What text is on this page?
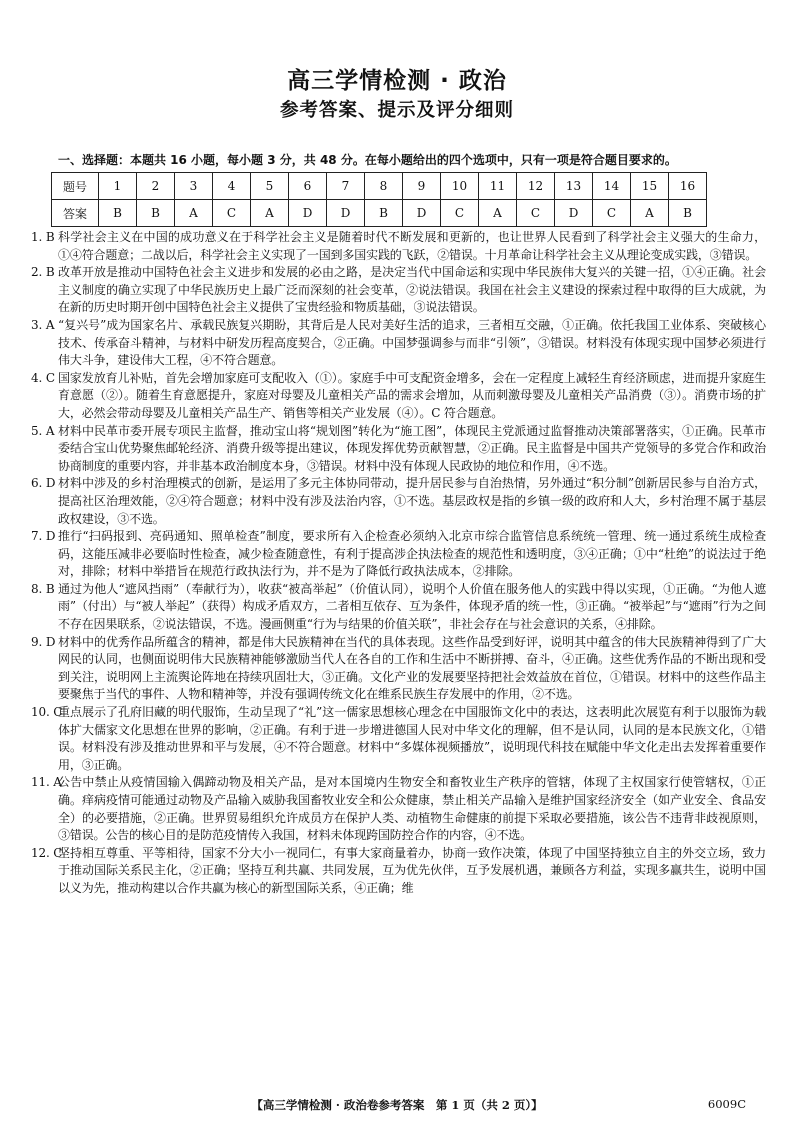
高三学情检测 · 政治
参考答案、提示及评分细则
一、选择题：本题共 16 小题，每小题 3 分，共 48 分。在每小题给出的四个选项中，只有一项是符合题目要求的。
题号	1	2	3	4	5	6	7	8	9	10	11	12	13	14	15	16
答案	B	B	A	C	A	D	D	B	D	C	A	C	D	C	A	B
1. B 科学社会主义在中国的成功意义在于科学社会主义是随着时代不断发展和更新的，也让世界人民看到了科学社会主义强大的生命力，①④符合题意；二战以后，科学社会主义实现了一国到多国实践的飞跃，②错误。十月革命让科学社会主义从理论变成实践，③错误。
2. B 改革开放是推动中国特色社会主义进步和发展的必由之路，是决定当代中国命运和实现中华民族伟大复兴的关键一招，①④正确。社会主义制度的确立实现了中华民族历史上最广泛而深刻的社会变革，②说法错误。我国在社会主义建设的探索过程中取得的巨大成就，为在新的历史时期开创中国特色社会主义提供了宝贵经验和物质基础，③说法错误。
3. A “复兴号”成为国家名片、承载民族复兴期盼，其背后是人民对美好生活的追求，三者相互交融，①正确。依托我国工业体系、突破核心技术、传承奋斗精神，与材料中研发历程高度契合，②正确。中国梦强调参与而非“引领”，③错误。材料没有体现实现中国梦必须进行伟大斗争，建设伟大工程，④不符合题意。
4. C 国家发放育儿补贴，首先会增加家庭可支配收入（①）。家庭手中可支配资金增多，会在一定程度上减轻生育经济顾虑，进而提升家庭生育意愿（②）。随着生育意愿提升，家庭对母婴及儿童相关产品的需求会增加，从而刺激母婴及儿童相关产品消费（③）。消费市场的扩大，必然会带动母婴及儿童相关产品生产、销售等相关产业发展（④）。C 符合题意。
5. A 材料中民革市委开展专项民主监督，推动宝山将“规划图”转化为“施工图”，体现民主党派通过监督推动决策部署落实，①正确。民革市委结合宝山优势聚焦邮轮经济、消费升级等提出建议，体现发挥优势贡献智慧，②正确。民主监督是中国共产党领导的多党合作和政治协商制度的重要内容，并非基本政治制度本身，③错误。材料中没有体现人民政协的地位和作用，④不选。
6. D 材料中涉及的乡村治理模式的创新，是运用了多元主体协同带动，提升居民参与自治热情，另外通过“积分制”创新居民参与自治方式，提高社区治理效能，②④符合题意；材料中没有涉及法治内容，①不选。基层政权是指的乡镇一级的政府和人大，乡村治理不属于基层政权建设，③不选。
7. D 推行“扫码报到、亮码通知、照单检查”制度，要求所有入企检查必须纳入北京市综合监管信息系统统一管理、统一通过系统生成检查码，这能压减非必要临时性检查，减少检查随意性，有利于提高涉企执法检查的规范性和透明度，③④正确；①中“杜绝”的说法过于绝对，排除；材料中举措旨在规范行政执法行为，并不是为了降低行政执法成本，②排除。
8. B 通过为他人“遮风挡雨”（奉献行为），收获“被高举起”（价值认同），说明个人价值在服务他人的实践中得以实现，①正确。“为他人遮雨”（付出）与“被人举起”（获得）构成矛盾双方，二者相互依存、互为条件，体现矛盾的统一性，③正确。“被举起”与“遮雨”行为之间不存在因果联系，②说法错误，不选。漫画侧重“行为与结果的价值关联”，非社会存在与社会意识的关系，④排除。
9. D 材料中的优秀作品所蕴含的精神，都是伟大民族精神在当代的具体表现。这些作品受到好评，说明其中蕴含的伟大民族精神得到了广大网民的认同，也侧面说明伟大民族精神能够激励当代人在各自的工作和生活中不断拼搏、奋斗，④正确。这些优秀作品的不断出现和受到关注，说明网上主流舆论阵地在持续巩固壮大，③正确。文化产业的发展要坚持把社会效益放在首位，①错误。材料中的这些作品主要聚焦于当代的事件、人物和精神等，并没有强调传统文化在维系民族生存发展中的作用，②不选。
10. C
重点展示了孔府旧藏的明代服饰，生动呈现了“礼”这一儒家思想核心理念在中国服饰文化中的表达，这表明此次展览有利于以服饰为载体扩大儒家文化思想在世界的影响，②正确。有利于进一步增进德国人民对中华文化的理解，但不是认同，认同的是本民族文化，①错误。材料没有涉及推动世界和平与发展，④不符合题意。材料中“多媒体视频播放”，说明现代科技在赋能中华文化走出去发挥着重要作用，③正确。
11. A
公告中禁止从疫情国输入偶蹄动物及相关产品，是对本国境内生物安全和畜牧业生产秩序的管辖，体现了主权国家行使管辖权，①正确。痒病疫情可能通过动物及产品输入威胁我国畜牧业安全和公众健康，禁止相关产品输入是维护国家经济安全（如产业安全、食品安全）的必要措施，②正确。世界贸易组织允许成员方在保护人类、动植物生命健康的前提下采取必要措施，该公告不违背非歧视原则，③错误。公告的核心目的是防范疫情传入我国，材料未体现跨国防控合作的内容，④不选。
12. C
坚持相互尊重、平等相待，国家不分大小一视同仁，有事大家商量着办，协商一致作决策，体现了中国坚持独立自主的外交立场，致力于推动国际关系民主化，②正确；坚持互利共赢、共同发展，互为优先伙伴，互予发展机遇，兼顾各方利益，实现多赢共生，说明中国以义为先，推动构建以合作共赢为核心的新型国际关系，④正确；维
【高三学情检测 · 政治卷参考答案　第 1 页（共 2 页）】	6009C
